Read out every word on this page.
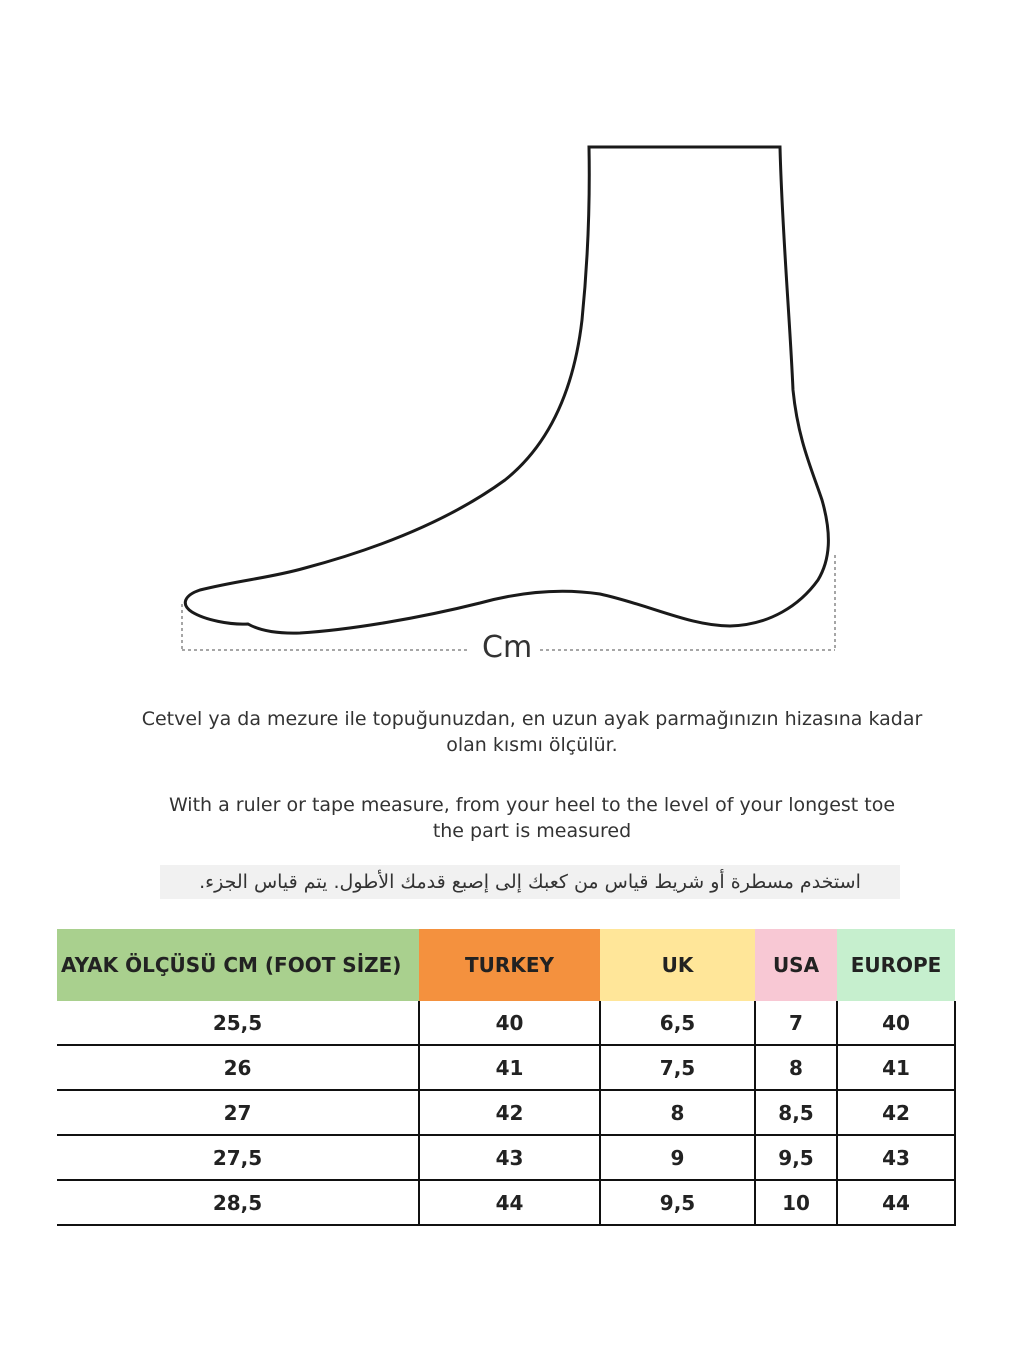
Cm
Cetvel ya da mezure ile topuğunuzdan, en uzun ayak parmağınızın hizasına kadar
olan kısmı ölçülür.
With a ruler or tape measure, from your heel to the level of your longest toe
the part is measured
استخدم مسطرة أو شريط قياس من كعبك إلى إصبع قدمك الأطول. يتم قياس الجزء.
AYAK ÖLÇÜSÜ CM (FOOT SİZE)	TURKEY	UK	USA	EUROPE
25,5	40	6,5	7	40
26	41	7,5	8	41
27	42	8	8,5	42
27,5	43	9	9,5	43
28,5	44	9,5	10	44
